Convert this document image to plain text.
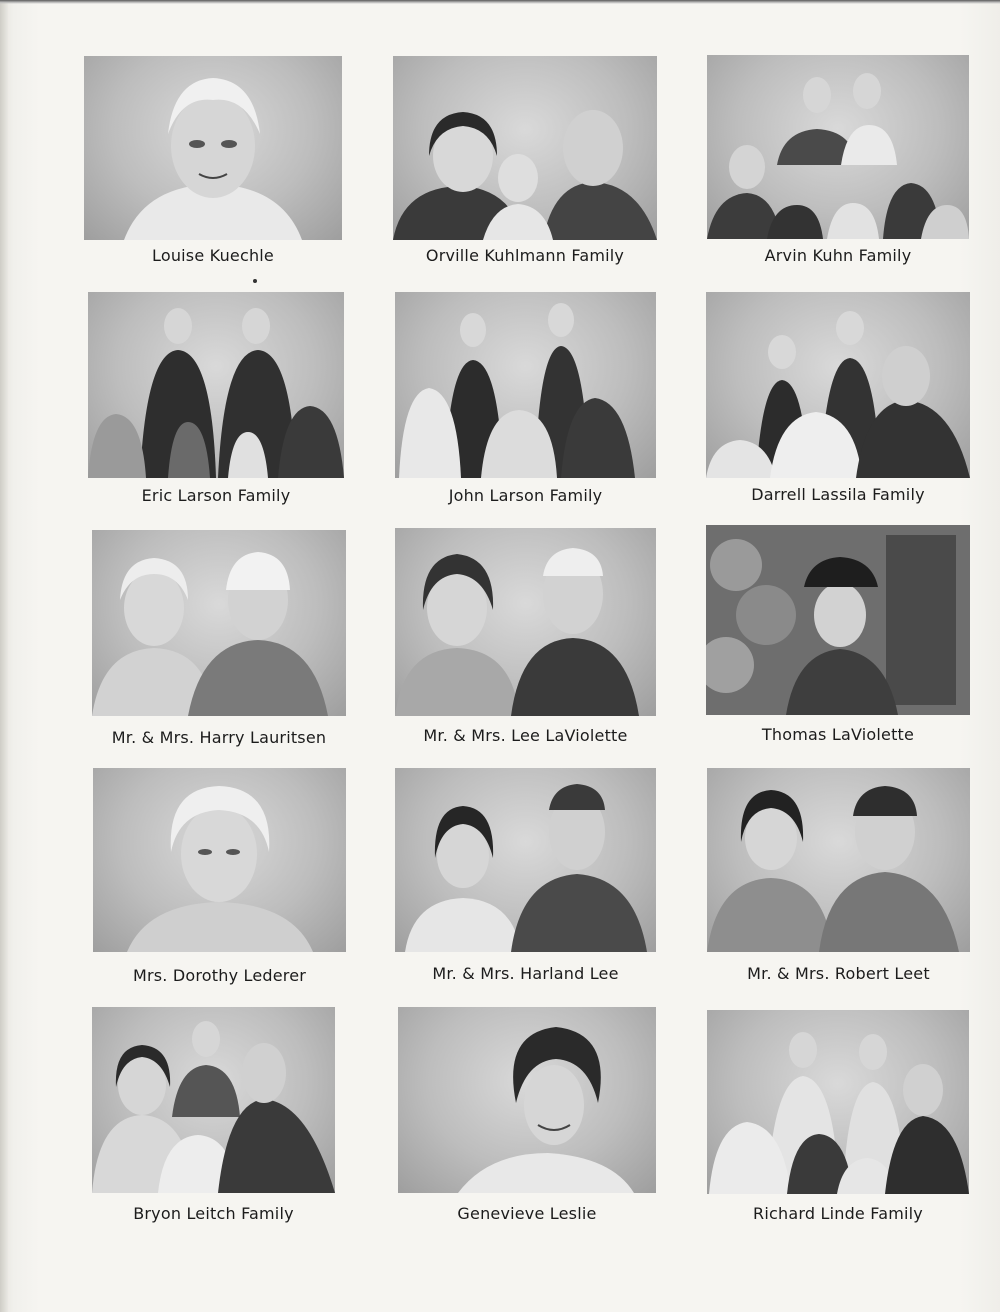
Louise Kuechle	Orville Kuhlmann Family	Arvin Kuhn Family
Eric Larson Family	John Larson Family	Darrell Lassila Family
Mr. & Mrs. Harry Lauritsen	Mr. & Mrs. Lee LaViolette	Thomas LaViolette
Mrs. Dorothy Lederer	Mr. & Mrs. Harland Lee	Mr. & Mrs. Robert Leet
Bryon Leitch Family	Genevieve Leslie	Richard Linde Family
